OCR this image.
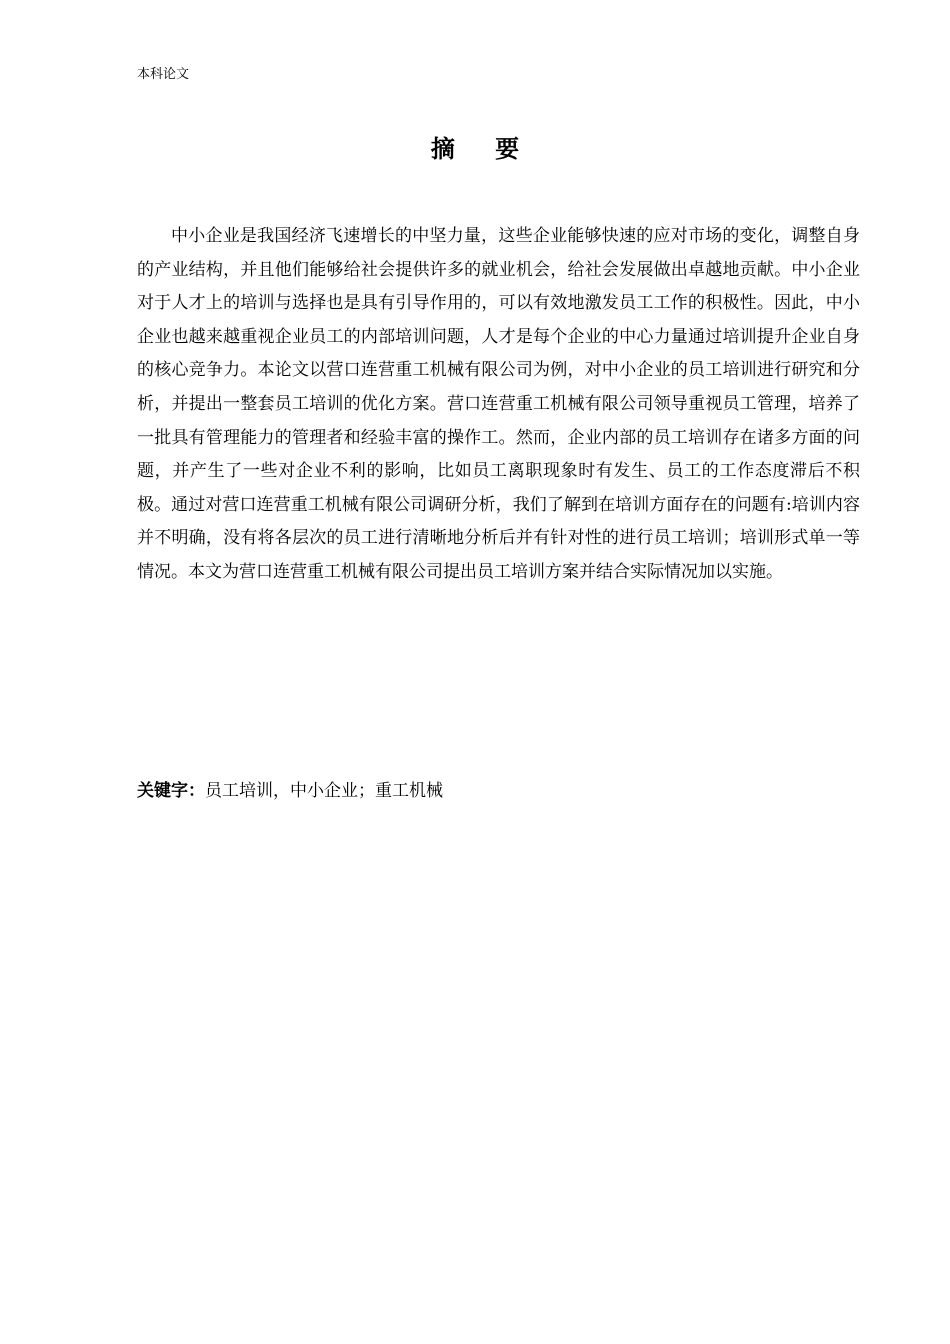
本科论文
摘 要

中小企业是我国经济飞速增长的中坚力量，这些企业能够快速的应对市场的变化，调整自身的产业结构，并且他们能够给社会提供许多的就业机会，给社会发展做出卓越地贡献。中小企业对于人才上的培训与选择也是具有引导作用的，可以有效地激发员工工作的积极性。因此，中小企业也越来越重视企业员工的内部培训问题，人才是每个企业的中心力量通过培训提升企业自身的核心竞争力。本论文以营口连营重工机械有限公司为例，对中小企业的员工培训进行研究和分析，并提出一整套员工培训的优化方案。营口连营重工机械有限公司领导重视员工管理，培养了一批具有管理能力的管理者和经验丰富的操作工。然而，企业内部的员工培训存在诸多方面的问题，并产生了一些对企业不利的影响，比如员工离职现象时有发生、员工的工作态度滞后不积极。通过对营口连营重工机械有限公司调研分析，我们了解到在培训方面存在的问题有:培训内容并不明确，没有将各层次的员工进行清晰地分析后并有针对性的进行员工培训；培训形式单一等情况。本文为营口连营重工机械有限公司提出员工培训方案并结合实际情况加以实施。

关键字：员工培训，中小企业；重工机械
